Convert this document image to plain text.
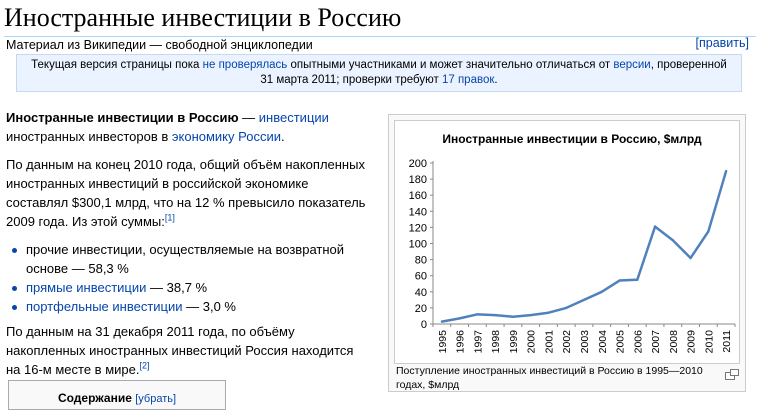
Иностранные инвестиции в Россию
Материал из Википедии — свободной энциклопедии	[править]
Текущая версия страницы пока не проверялась опытными участниками и может значительно отличаться от версии, проверенной 31 марта 2011; проверки требуют 17 правок.

Иностранные инвестиции в Россию — инвестиции иностранных инвесторов в экономику России.

По данным на конец 2010 года, общий объём накопленных иностранных инвестиций в российской экономике составлял $300,1 млрд, что на 12 % превысило показатель 2009 года. Из этой суммы:[1]

прочие инвестиции, осуществляемые на возвратной основе — 58,3 %
прямые инвестиции — 38,7 %
портфельные инвестиции — 3,0 %

По данным на 31 декабря 2011 года, по объёму накопленных иностранных инвестиций Россия находится на 16-м месте в мире.[2]

Содержание [убрать]
Иностранные инвестиции в Россию, $млрд
0
20
40
60
80
100
120
140
160
180
200
1995 1996 1997 1998 1999 2000 2001 2002 2003 2004 2005 2006 2007 2008 2009 2010 2011
Поступление иностранных инвестиций в Россию в 1995—2010 годах, $млрд
